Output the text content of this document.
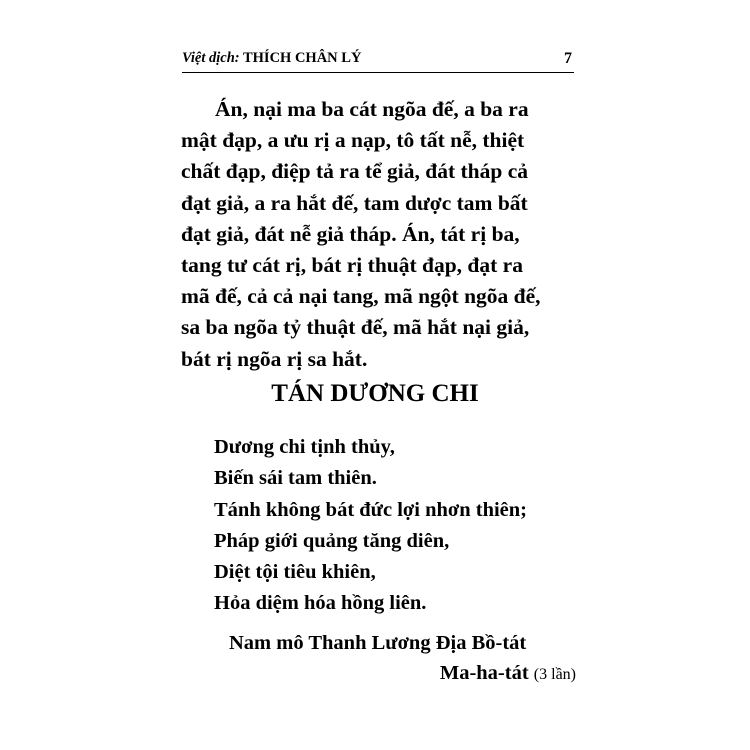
Việt dịch: THÍCH CHÂN LÝ	7
Án, nại ma ba cát ngõa đế, a ba ra
mật đạp, a ưu rị a nạp, tô tất nễ, thiệt
chất đạp, điệp tả ra tể giả, đát tháp cả
đạt giả, a ra hắt đế, tam dược tam bất
đạt giả, đát nễ giả tháp. Án, tát rị ba,
tang tư cát rị, bát rị thuật đạp, đạt ra
mã đế, cả cả nại tang, mã ngột ngõa đế,
sa ba ngõa tỷ thuật đế, mã hắt nại giả,
bát rị ngõa rị sa hắt.
TÁN DƯƠNG CHI
Dương chi tịnh thủy,
Biến sái tam thiên.
Tánh không bát đức lợi nhơn thiên;
Pháp giới quảng tăng diên,
Diệt tội tiêu khiên,
Hỏa diệm hóa hồng liên.
Nam mô Thanh Lương Địa Bồ-tát
Ma-ha-tát (3 lần)
